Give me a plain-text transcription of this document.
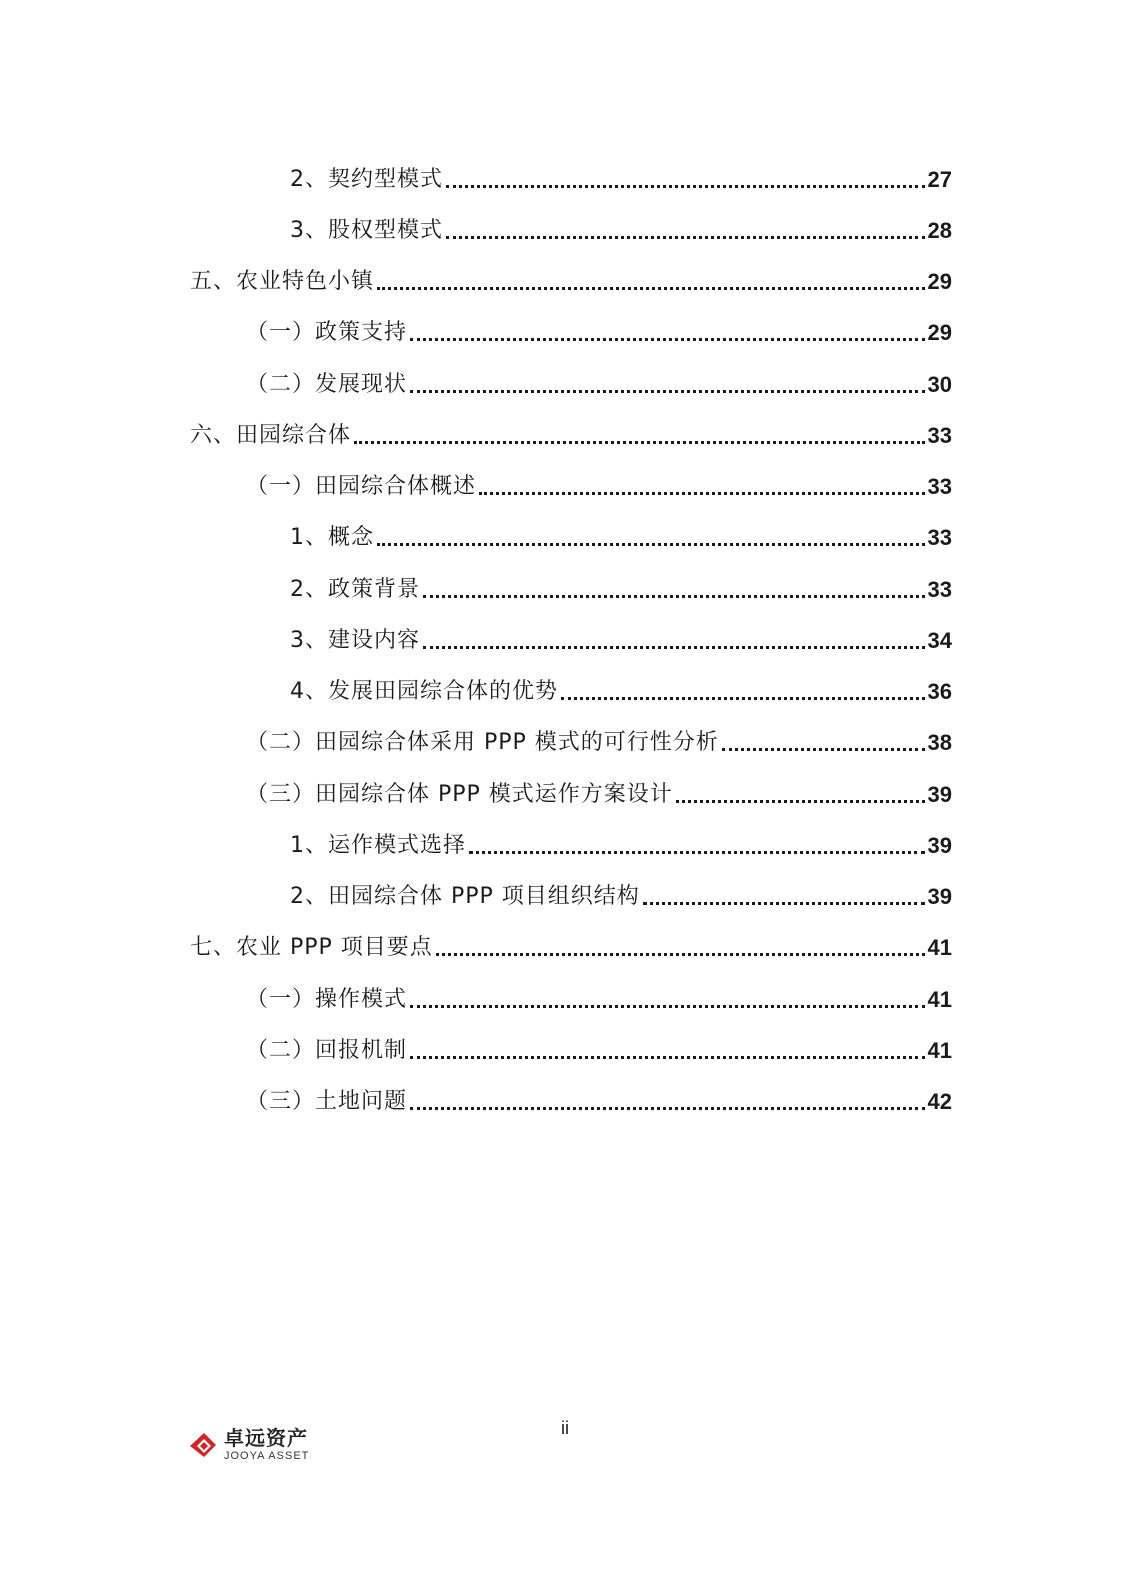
2、契约型模式	27
3、股权型模式	28
五、农业特色小镇	29
（一）政策支持	29
（二）发展现状	30
六、田园综合体	33
（一）田园综合体概述	33
1、概念	33
2、政策背景	33
3、建设内容	34
4、发展田园综合体的优势	36
（二）田园综合体采用 PPP 模式的可行性分析	38
（三）田园综合体 PPP 模式运作方案设计	39
1、运作模式选择	39
2、田园综合体 PPP 项目组织结构	39
七、农业 PPP 项目要点	41
（一）操作模式	41
（二）回报机制	41
（三）土地问题	42
ii
卓远资产
JOOYA ASSET
